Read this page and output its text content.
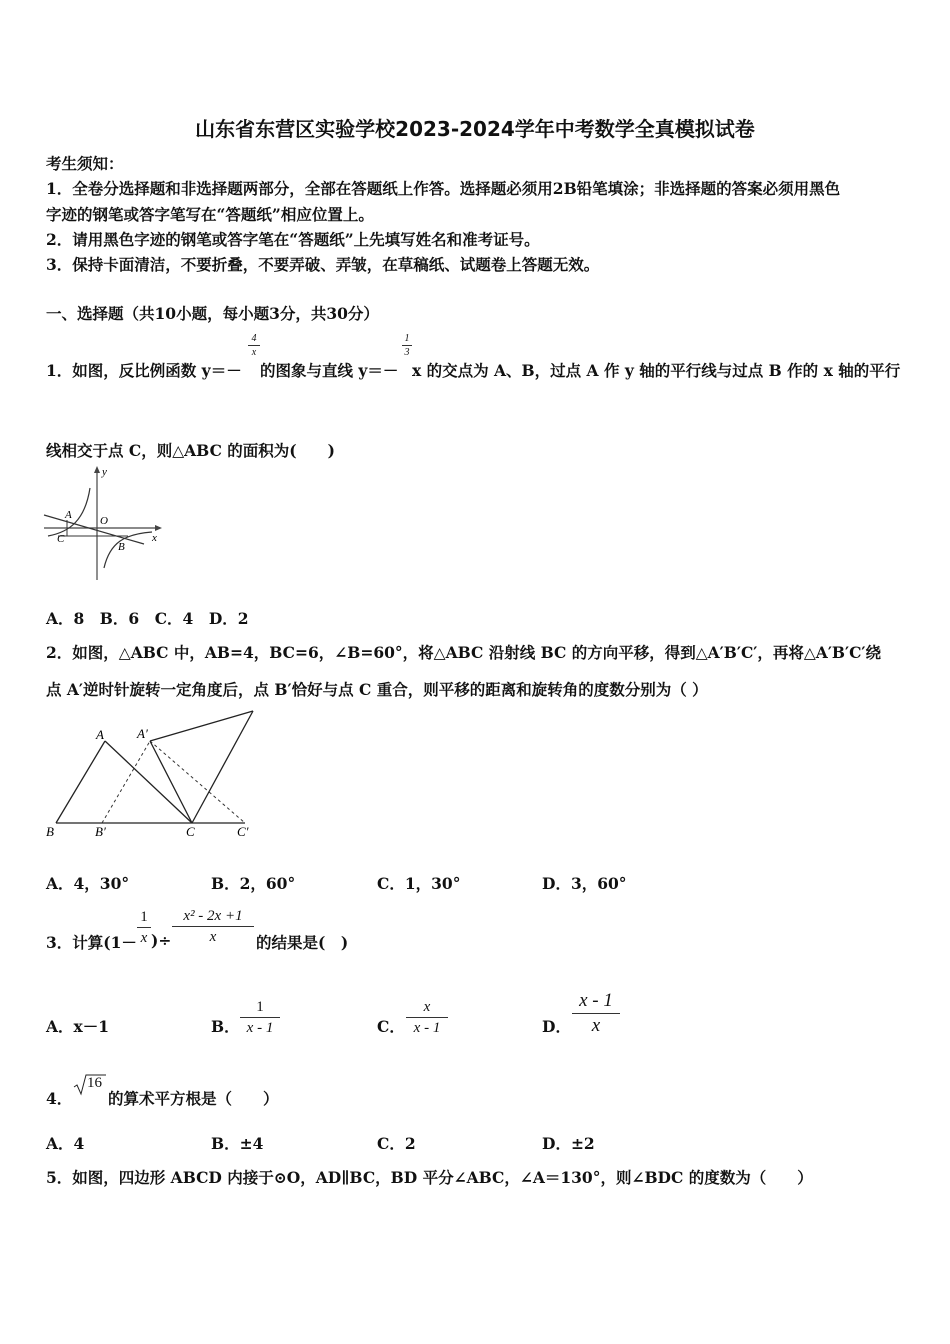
山东省东营区实验学校2023-2024学年中考数学全真模拟试卷
考生须知：
1．全卷分选择题和非选择题两部分，全部在答题纸上作答。选择题必须用2B铅笔填涂；非选择题的答案必须用黑色
字迹的钢笔或答字笔写在“答题纸”相应位置上。
2．请用黑色字迹的钢笔或答字笔在“答题纸”上先填写姓名和准考证号。
3．保持卡面清洁，不要折叠，不要弄破、弄皱，在草稿纸、试题卷上答题无效。
一、选择题（共10小题，每小题3分，共30分）
1．如图，反比例函数 y＝－
4
x
的图象与直线 y＝－
1
3
x 的交点为 A、B，过点 A 作 y 轴的平行线与过点 B 作的 x 轴的平行
线相交于点 C，则△ABC 的面积为(　　)
y
x
A	O
C
B
A．8　B．6　C．4　D．2
2．如图，△ABC 中，AB=4，BC=6，∠B=60°，将△ABC 沿射线 BC 的方向平移，得到△A′B′C′，再将△A′B′C′绕
点 A′逆时针旋转一定角度后，点 B′恰好与点 C 重合，则平移的距离和旋转角的度数分别为（ ）
A	A′
B	B′	C	C′
A．4，30°	B．2，60°	C．1，30°	D．3，60°
3．计算(1－
1
x )÷
x² - 2x +1
x	的结果是(　)
A．x－1	B．
1
x - 1	C．
x
x - 1	D．
x - 1
x
4．
16
的算术平方根是（　　）
A．4	B．±4	C．2	D．±2
5．如图，四边形 ABCD 内接于⊙O，AD∥BC，BD 平分∠ABC，∠A＝130°，则∠BDC 的度数为（　　）
